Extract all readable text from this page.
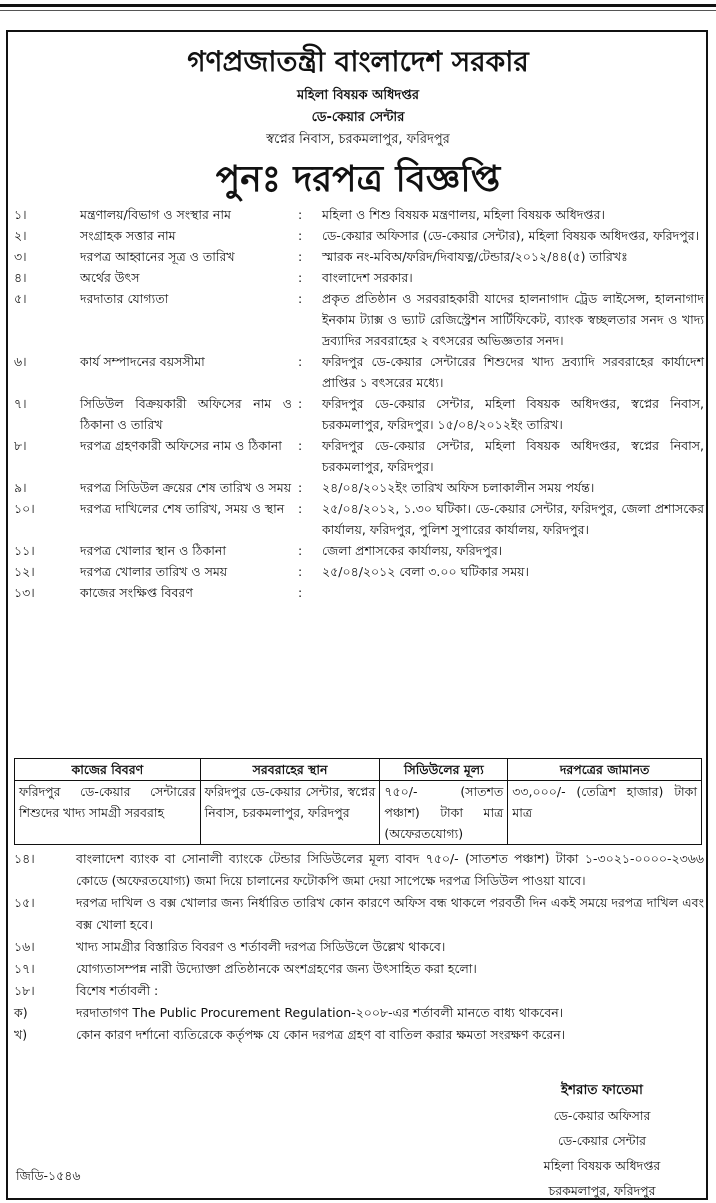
গণপ্রজাতন্ত্রী বাংলাদেশ সরকার
মহিলা বিষয়ক অধিদপ্তর
ডে-কেয়ার সেন্টার
স্বপ্নের নিবাস, চরকমলাপুর, ফরিদপুর
পুনঃ দরপত্র বিজ্ঞপ্তি
১।	মন্ত্রণালয়/বিভাগ ও সংস্থার নাম	:	মহিলা ও শিশু বিষয়ক মন্ত্রণালয়, মহিলা বিষয়ক অধিদপ্তর।
২।	সংগ্রাহক সত্তার নাম	:	ডে-কেয়ার অফিসার (ডে-কেয়ার সেন্টার), মহিলা বিষয়ক অধিদপ্তর, ফরিদপুর।
৩।	দরপত্র আহ্বানের সূত্র ও তারিখ	:	স্মারক নং-মবিঅ/ফরিদ/দিবাযত্ন/টেন্ডার/২০১২/৪৪(৫) তারিখঃ
৪।	অর্থের উৎস	:	বাংলাদেশ সরকার।
৫।	দরদাতার যোগ্যতা	:	প্রকৃত প্রতিষ্ঠান ও সরবরাহকারী যাদের হালনাগাদ ট্রেড লাইসেন্স, হালনাগাদ ইনকাম ট্যাক্স ও ভ্যাট রেজিস্ট্রেশন সার্টিফিকেট, ব্যাংক স্বচ্ছলতার সনদ ও খাদ্য দ্রব্যাদির সরবরাহের ২ বৎসরের অভিজ্ঞতার সনদ।
৬।	কার্য সম্পাদনের বয়সসীমা	:	ফরিদপুর ডে-কেয়ার সেন্টারের শিশুদের খাদ্য দ্রব্যাদি সরবরাহের কার্যাদেশ প্রাপ্তির ১ বৎসরের মধ্যে।
৭।	সিডিউল বিক্রয়কারী অফিসের নাম ও ঠিকানা ও তারিখ
:	ফরিদপুর ডে-কেয়ার সেন্টার, মহিলা বিষয়ক অধিদপ্তর, স্বপ্নের নিবাস, চরকমলাপুর, ফরিদপুর। ১৫/০৪/২০১২ইং তারিখ।
৮।	দরপত্র গ্রহণকারী অফিসের নাম ও ঠিকানা	:	ফরিদপুর ডে-কেয়ার সেন্টার, মহিলা বিষয়ক অধিদপ্তর, স্বপ্নের নিবাস, চরকমলাপুর, ফরিদপুর।
৯।	দরপত্র সিডিউল ক্রয়ের শেষ তারিখ ও সময় :	২৪/০৪/২০১২ইং তারিখ অফিস চলাকালীন সময় পর্যন্ত।
১০।	দরপত্র দাখিলের শেষ তারিখ, সময় ও স্থান	:	২৫/০৪/২০১২, ১.৩০ ঘটিকা। ডে-কেয়ার সেন্টার, ফরিদপুর, জেলা প্রশাসকের কার্যালয়, ফরিদপুর, পুলিশ সুপারের কার্যালয়, ফরিদপুর।
১১।	দরপত্র খোলার স্থান ও ঠিকানা	:	জেলা প্রশাসকের কার্যালয়, ফরিদপুর।
১২।	দরপত্র খোলার তারিখ ও সময়	:	২৫/০৪/২০১২ বেলা ৩.০০ ঘটিকার সময়।
১৩।	কাজের সংক্ষিপ্ত বিবরণ	:
কাজের বিবরণ	সরবরাহের স্থান	সিডিউলের মূল্য	দরপত্রের জামানত
ফরিদপুর ডে-কেয়ার সেন্টারের শিশুদের খাদ্য সামগ্রী সরবরাহ	ফরিদপুর ডে-কেয়ার সেন্টার, স্বপ্নের নিবাস, চরকমলাপুর, ফরিদপুর	৭৫০/- (সাতশত পঞ্চাশ) টাকা মাত্র (অফেরতযোগ্য)	৩৩,০০০/- (তেত্রিশ হাজার) টাকা মাত্র
১৪।	বাংলাদেশ ব্যাংক বা সোনালী ব্যাংকে টেন্ডার সিডিউলের মূল্য বাবদ ৭৫০/- (সাতশত পঞ্চাশ) টাকা ১-৩০২১-০০০০-২৩৬৬ কোডে (অফেরতযোগ্য) জমা দিয়ে চালানের ফটোকপি জমা দেয়া সাপেক্ষে দরপত্র সিডিউল পাওয়া যাবে।
১৫।	দরপত্র দাখিল ও বক্স খোলার জন্য নির্ধারিত তারিখ কোন কারণে অফিস বন্ধ থাকলে পরবর্তী দিন একই সময়ে দরপত্র দাখিল এবং বক্স খোলা হবে।
১৬।	খাদ্য সামগ্রীর বিস্তারিত বিবরণ ও শর্তাবলী দরপত্র সিডিউলে উল্লেখ থাকবে।
১৭।	যোগ্যতাসম্পন্ন নারী উদ্যোক্তা প্রতিষ্ঠানকে অংশগ্রহণের জন্য উৎসাহিত করা হলো।
১৮।	বিশেষ শর্তাবলী :
ক)	দরদাতাগণ The Public Procurement Regulation-২০০৮-এর শর্তাবলী মানতে বাধ্য থাকবেন।
খ)	কোন কারণ দর্শানো ব্যতিরেকে কর্তৃপক্ষ যে কোন দরপত্র গ্রহণ বা বাতিল করার ক্ষমতা সংরক্ষণ করেন।
ইশরাত ফাতেমা
ডে-কেয়ার অফিসার
ডে-কেয়ার সেন্টার
মহিলা বিষয়ক অধিদপ্তর
চরকমলাপুর, ফরিদপুর
জিডি-১৫৪৬
